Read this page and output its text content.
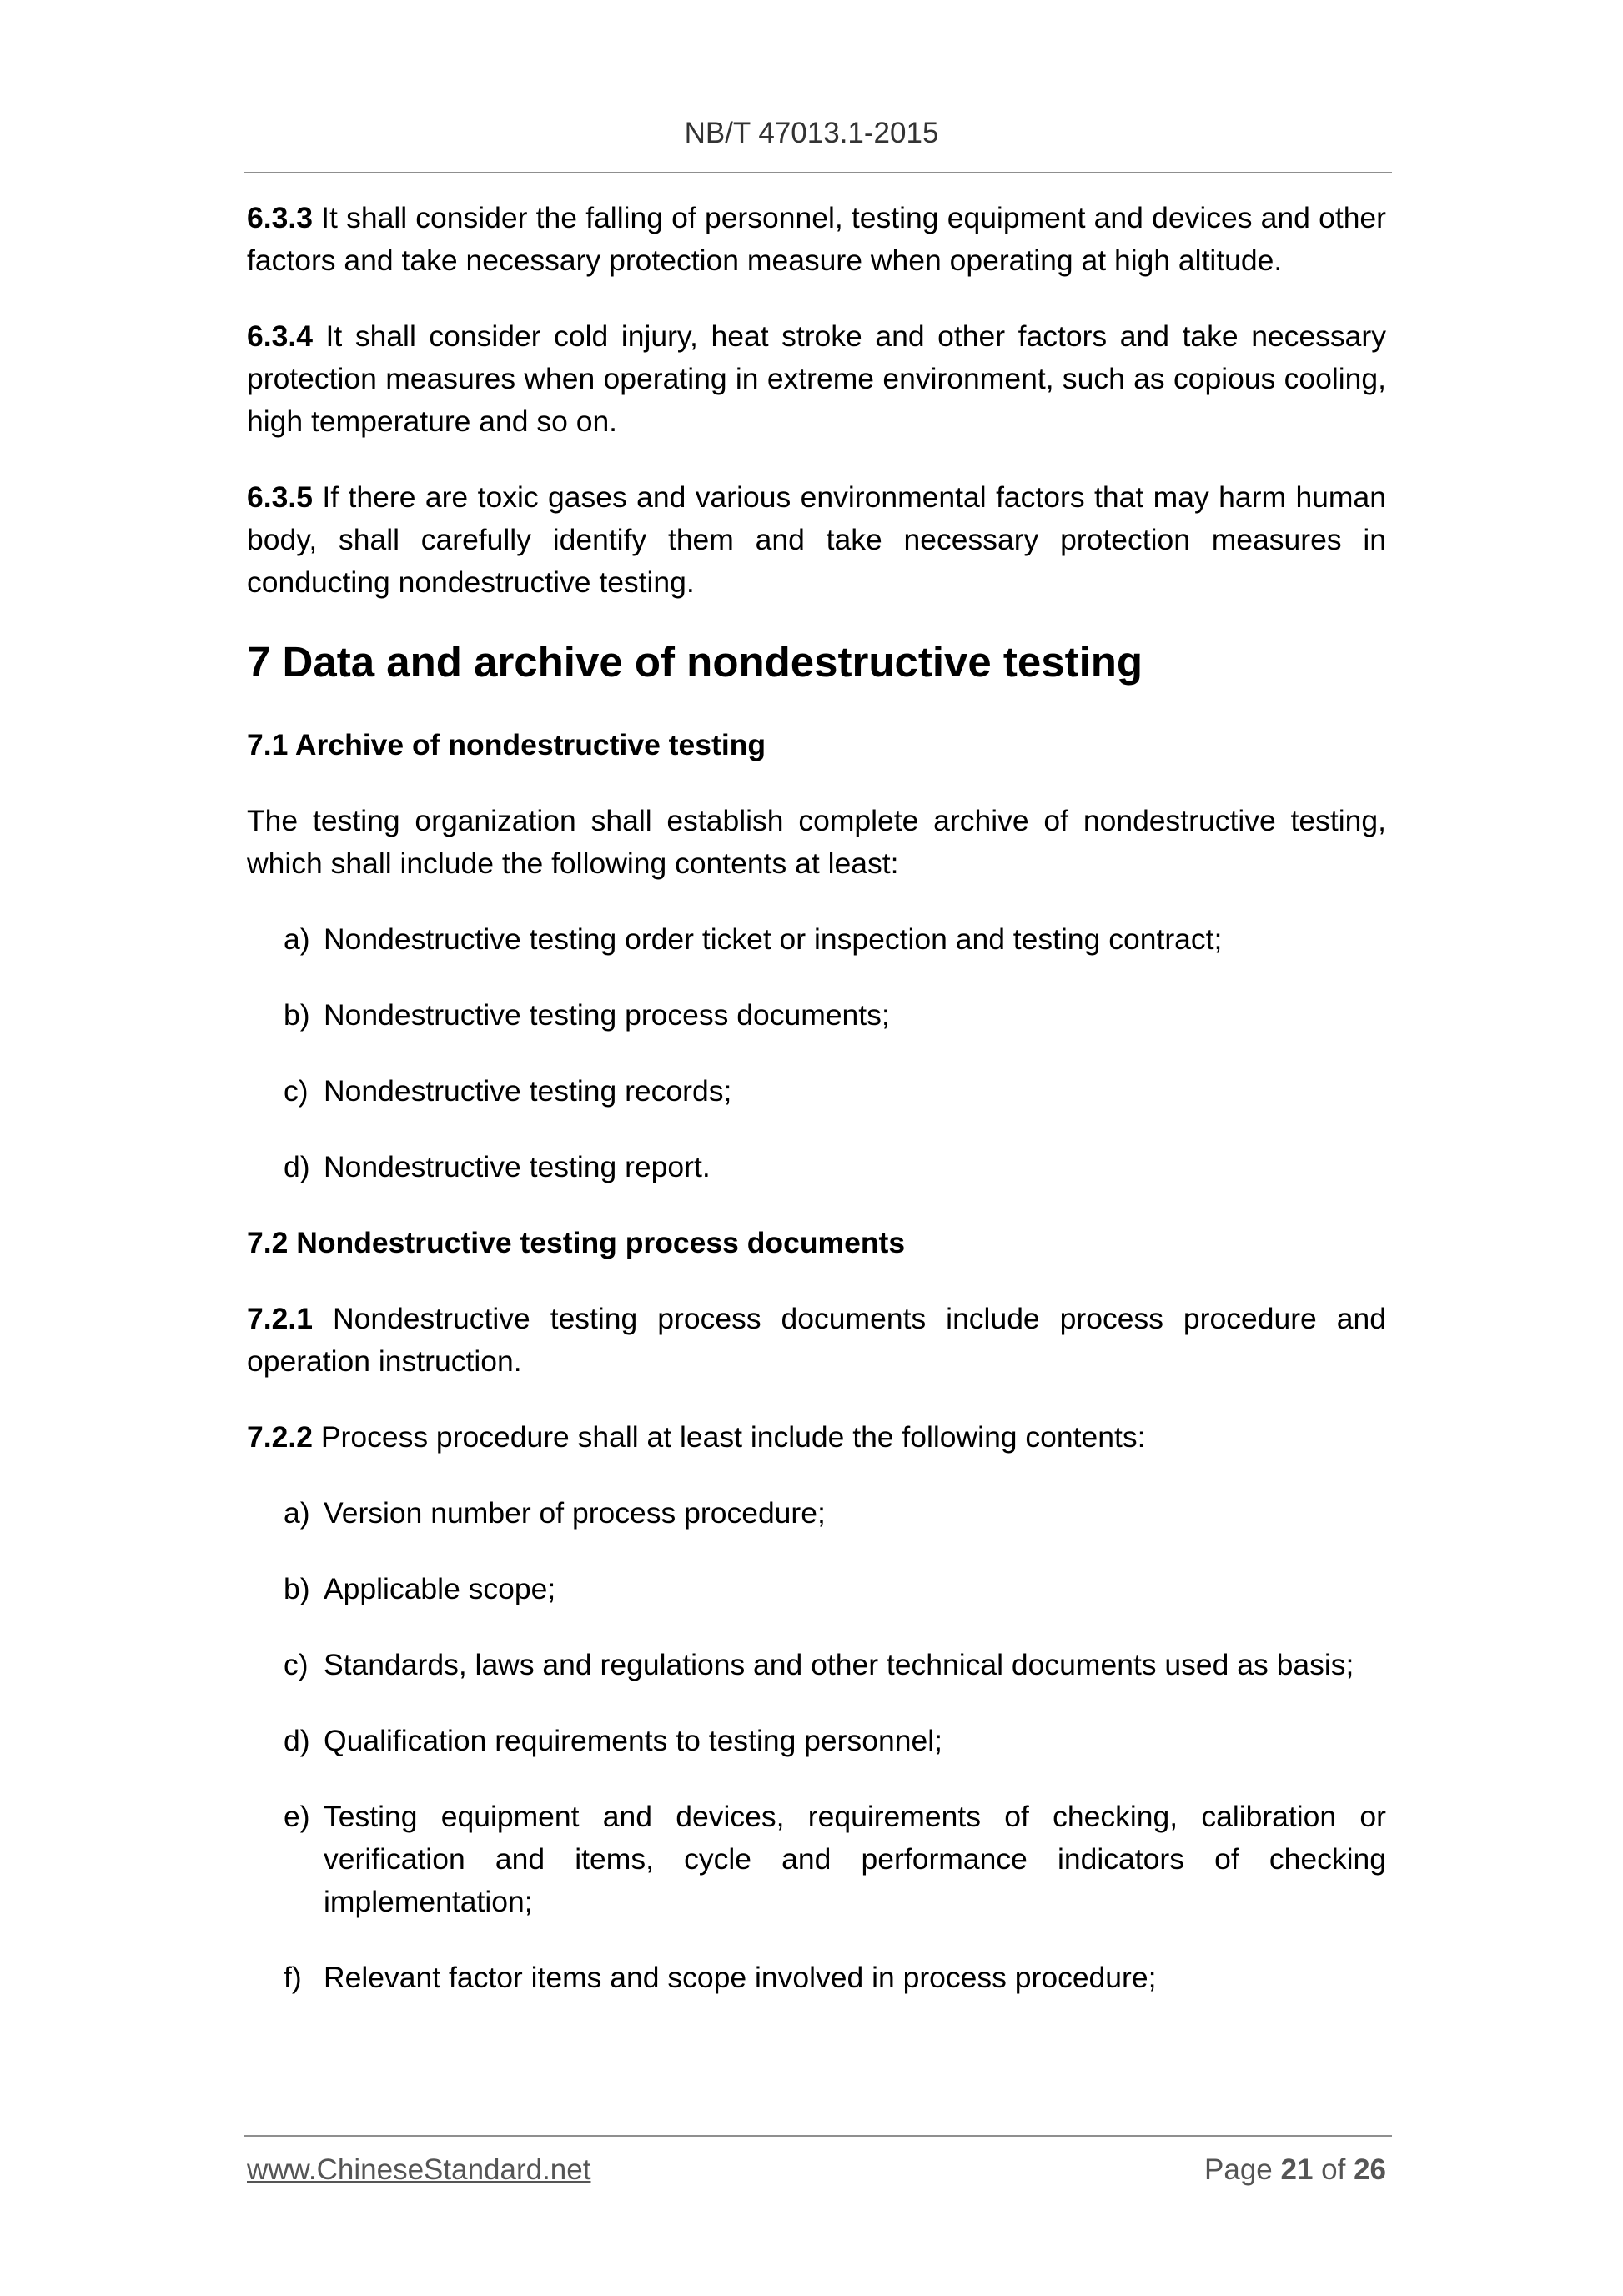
NB/T 47013.1-2015

6.3.3 It shall consider the falling of personnel, testing equipment and devices and other factors and take necessary protection measure when operating at high altitude.

6.3.4 It shall consider cold injury, heat stroke and other factors and take necessary protection measures when operating in extreme environment, such as copious cooling, high temperature and so on.

6.3.5 If there are toxic gases and various environmental factors that may harm human body, shall carefully identify them and take necessary protection measures in conducting nondestructive testing.

7 Data and archive of nondestructive testing
7.1 Archive of nondestructive testing

The testing organization shall establish complete archive of nondestructive testing, which shall include the following contents at least:

a) Nondestructive testing order ticket or inspection and testing contract;
b) Nondestructive testing process documents;
c) Nondestructive testing records;
d) Nondestructive testing report.
7.2 Nondestructive testing process documents

7.2.1 Nondestructive testing process documents include process procedure and operation instruction.

7.2.2 Process procedure shall at least include the following contents:

a) Version number of process procedure;
b) Applicable scope;
c) Standards, laws and regulations and other technical documents used as basis;
d) Qualification requirements to testing personnel;
e) Testing equipment and devices, requirements of checking, calibration or verification and items, cycle and performance indicators of checking implementation;
f) Relevant factor items and scope involved in process procedure;
www.ChineseStandard.net	Page 21 of 26
